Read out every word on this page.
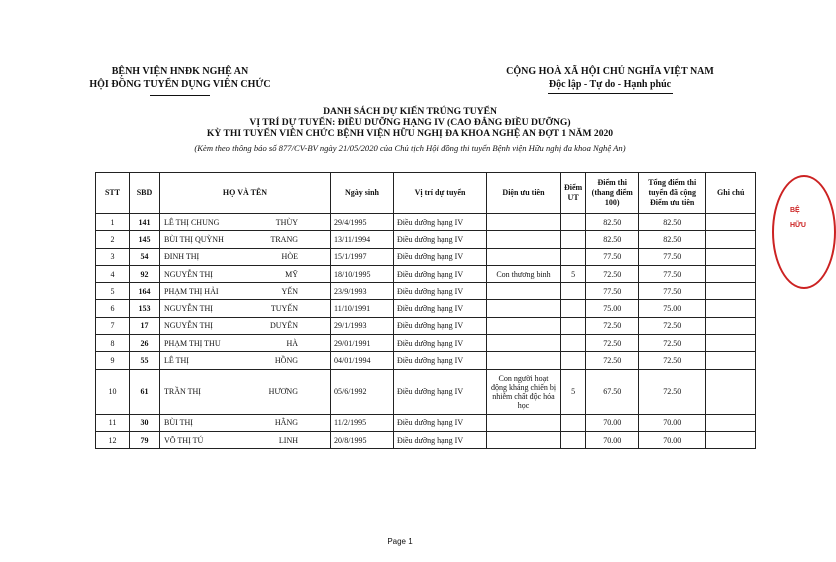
BỆNH VIỆN HNĐK NGHỆ AN
HỘI ĐỒNG TUYỂN DỤNG VIÊN CHỨC
CỘNG HOÀ XÃ HỘI CHỦ NGHĨA VIỆT NAM
Độc lập - Tự do - Hạnh phúc
DANH SÁCH DỰ KIẾN TRÚNG TUYỂN
VỊ TRÍ DỰ TUYỂN: ĐIỀU DƯỠNG HẠNG IV (CAO ĐẲNG ĐIỀU DƯỠNG)
KỲ THI TUYỂN VIÊN CHỨC BỆNH VIỆN HỮU NGHỊ ĐA KHOA NGHỆ AN ĐỢT 1 NĂM 2020
(Kèm theo thông báo số 877/CV-BV ngày 21/05/2020 của Chủ tịch Hội đồng thi tuyển Bệnh viện Hữu nghị đa khoa Nghệ An)
STT	SBD	HỌ VÀ TÊN	Ngày sinh	Vị trí dự tuyển	Diện ưu tiên	Điểm UT	Điểm thi (thang điểm 100)	Tổng điểm thi tuyển đã cộng Điểm ưu tiên	Ghi chú
1	141	LÊ THỊ CHUNG THÙY	29/4/1995	Điều dưỡng hạng IV			82.50	82.50	
2	145	BÙI THỊ QUỲNH TRANG	13/11/1994	Điều dưỡng hạng IV			82.50	82.50	
3	54	ĐINH THỊ HÒE	15/1/1997	Điều dưỡng hạng IV			77.50	77.50	
4	92	NGUYỄN THỊ MỸ	18/10/1995	Điều dưỡng hạng IV	Con thương binh	5	72.50	77.50	
5	164	PHẠM THỊ HẢI YẾN	23/9/1993	Điều dưỡng hạng IV			77.50	77.50	
6	153	NGUYỄN THỊ TUYẾN	11/10/1991	Điều dưỡng hạng IV			75.00	75.00	
7	17	NGUYỄN THỊ DUYÊN	29/1/1993	Điều dưỡng hạng IV			72.50	72.50	
8	26	PHẠM THỊ THU HÀ	29/01/1991	Điều dưỡng hạng IV			72.50	72.50	
9	55	LÊ THỊ HỒNG	04/01/1994	Điều dưỡng hạng IV			72.50	72.50	
10	61	TRẦN THỊ HƯƠNG	05/6/1992	Điều dưỡng hạng IV	Con người hoạt động kháng chiến bị nhiễm chất độc hóa học	5	67.50	72.50	
11	30	BÙI THỊ HẰNG	11/2/1995	Điều dưỡng hạng IV			70.00	70.00	
12	79	VÕ THỊ TÚ LINH	20/8/1995	Điều dưỡng hạng IV			70.00	70.00	
BỆ
HỮU
Page 1
